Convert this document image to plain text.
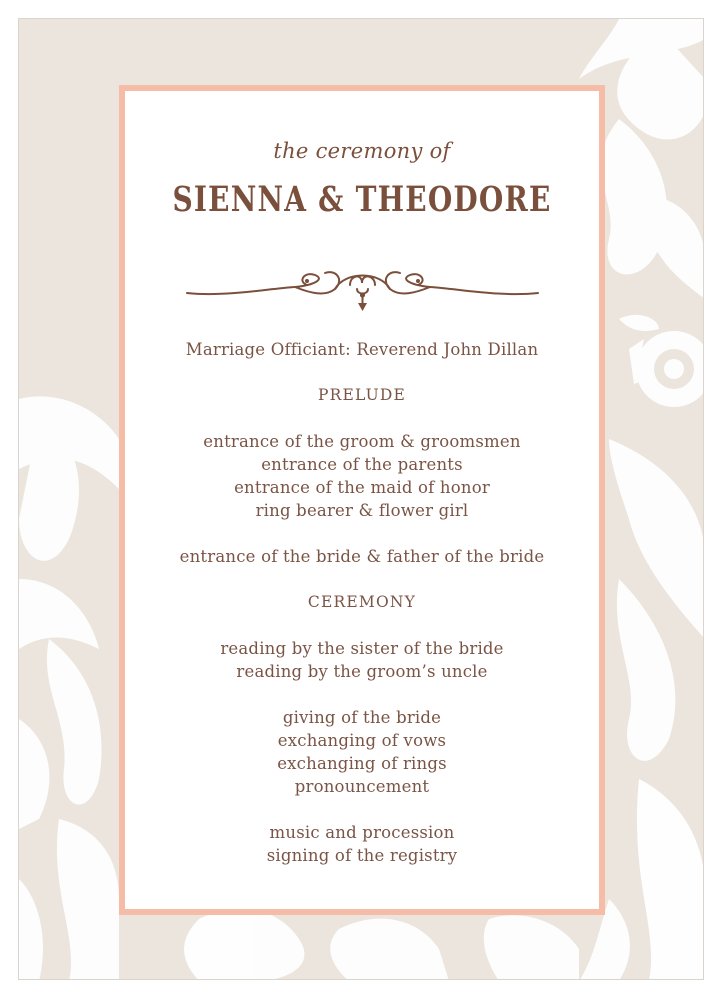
the ceremony of
SIENNA & THEODORE
Marriage Officiant: Reverend John Dillan
PRELUDE
entrance of the groom & groomsmen
entrance of the parents
entrance of the maid of honor
ring bearer & flower girl
entrance of the bride & father of the bride
CEREMONY
reading by the sister of the bride
reading by the groom’s uncle
giving of the bride
exchanging of vows
exchanging of rings
pronouncement
music and procession
signing of the registry
